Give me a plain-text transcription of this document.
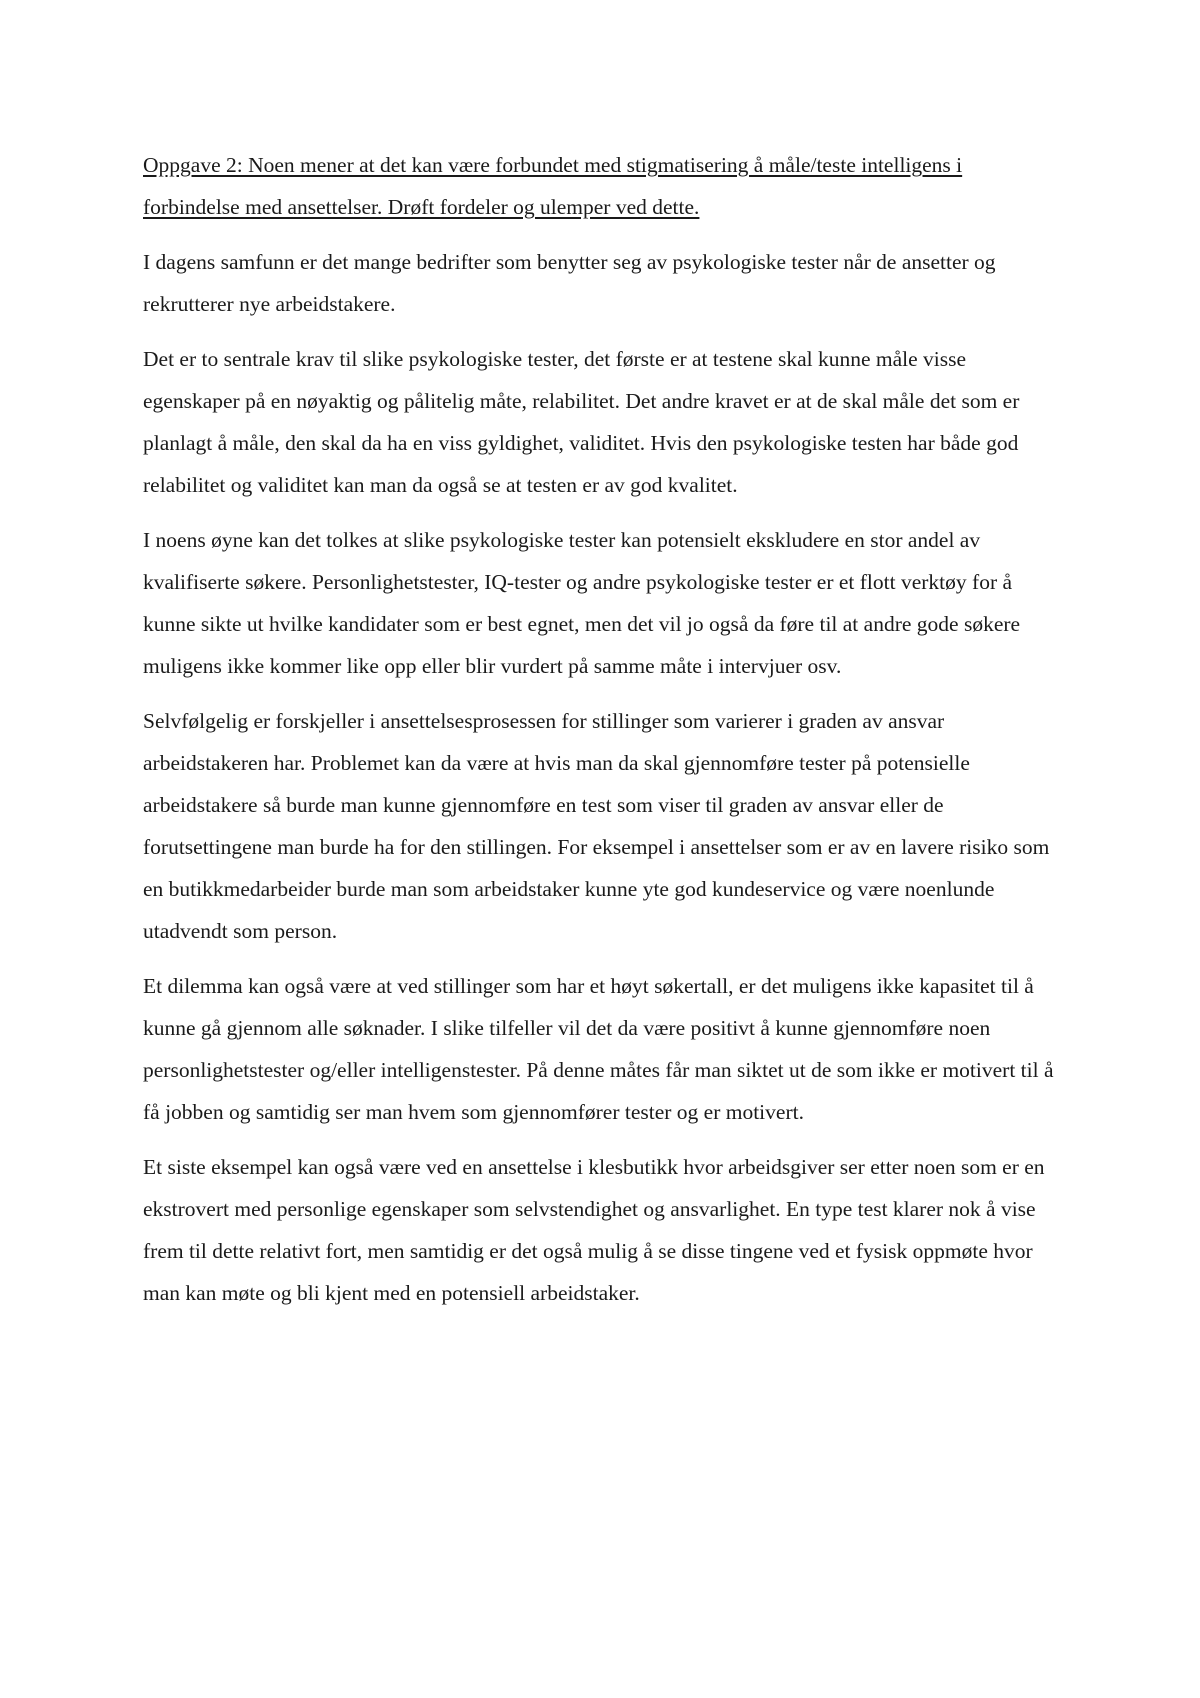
Oppgave 2: Noen mener at det kan være forbundet med stigmatisering å måle/teste intelligens i forbindelse med ansettelser. Drøft fordeler og ulemper ved dette.

I dagens samfunn er det mange bedrifter som benytter seg av psykologiske tester når de ansetter og rekrutterer nye arbeidstakere.

Det er to sentrale krav til slike psykologiske tester, det første er at testene skal kunne måle visse egenskaper på en nøyaktig og pålitelig måte, relabilitet. Det andre kravet er at de skal måle det som er planlagt å måle, den skal da ha en viss gyldighet, validitet. Hvis den psykologiske testen har både god relabilitet og validitet kan man da også se at testen er av god kvalitet.

I noens øyne kan det tolkes at slike psykologiske tester kan potensielt ekskludere en stor andel av kvalifiserte søkere. Personlighetstester, IQ-tester og andre psykologiske tester er et flott verktøy for å kunne sikte ut hvilke kandidater som er best egnet, men det vil jo også da føre til at andre gode søkere muligens ikke kommer like opp eller blir vurdert på samme måte i intervjuer osv.

Selvfølgelig er forskjeller i ansettelsesprosessen for stillinger som varierer i graden av ansvar arbeidstakeren har. Problemet kan da være at hvis man da skal gjennomføre tester på potensielle arbeidstakere så burde man kunne gjennomføre en test som viser til graden av ansvar eller de forutsettingene man burde ha for den stillingen. For eksempel i ansettelser som er av en lavere risiko som en butikkmedarbeider burde man som arbeidstaker kunne yte god kundeservice og være noenlunde utadvendt som person.

Et dilemma kan også være at ved stillinger som har et høyt søkertall, er det muligens ikke kapasitet til å kunne gå gjennom alle søknader. I slike tilfeller vil det da være positivt å kunne gjennomføre noen personlighetstester og/eller intelligenstester. På denne måtes får man siktet ut de som ikke er motivert til å få jobben og samtidig ser man hvem som gjennomfører tester og er motivert.

Et siste eksempel kan også være ved en ansettelse i klesbutikk hvor arbeidsgiver ser etter noen som er en ekstrovert med personlige egenskaper som selvstendighet og ansvarlighet. En type test klarer nok å vise frem til dette relativt fort, men samtidig er det også mulig å se disse tingene ved et fysisk oppmøte hvor man kan møte og bli kjent med en potensiell arbeidstaker.
